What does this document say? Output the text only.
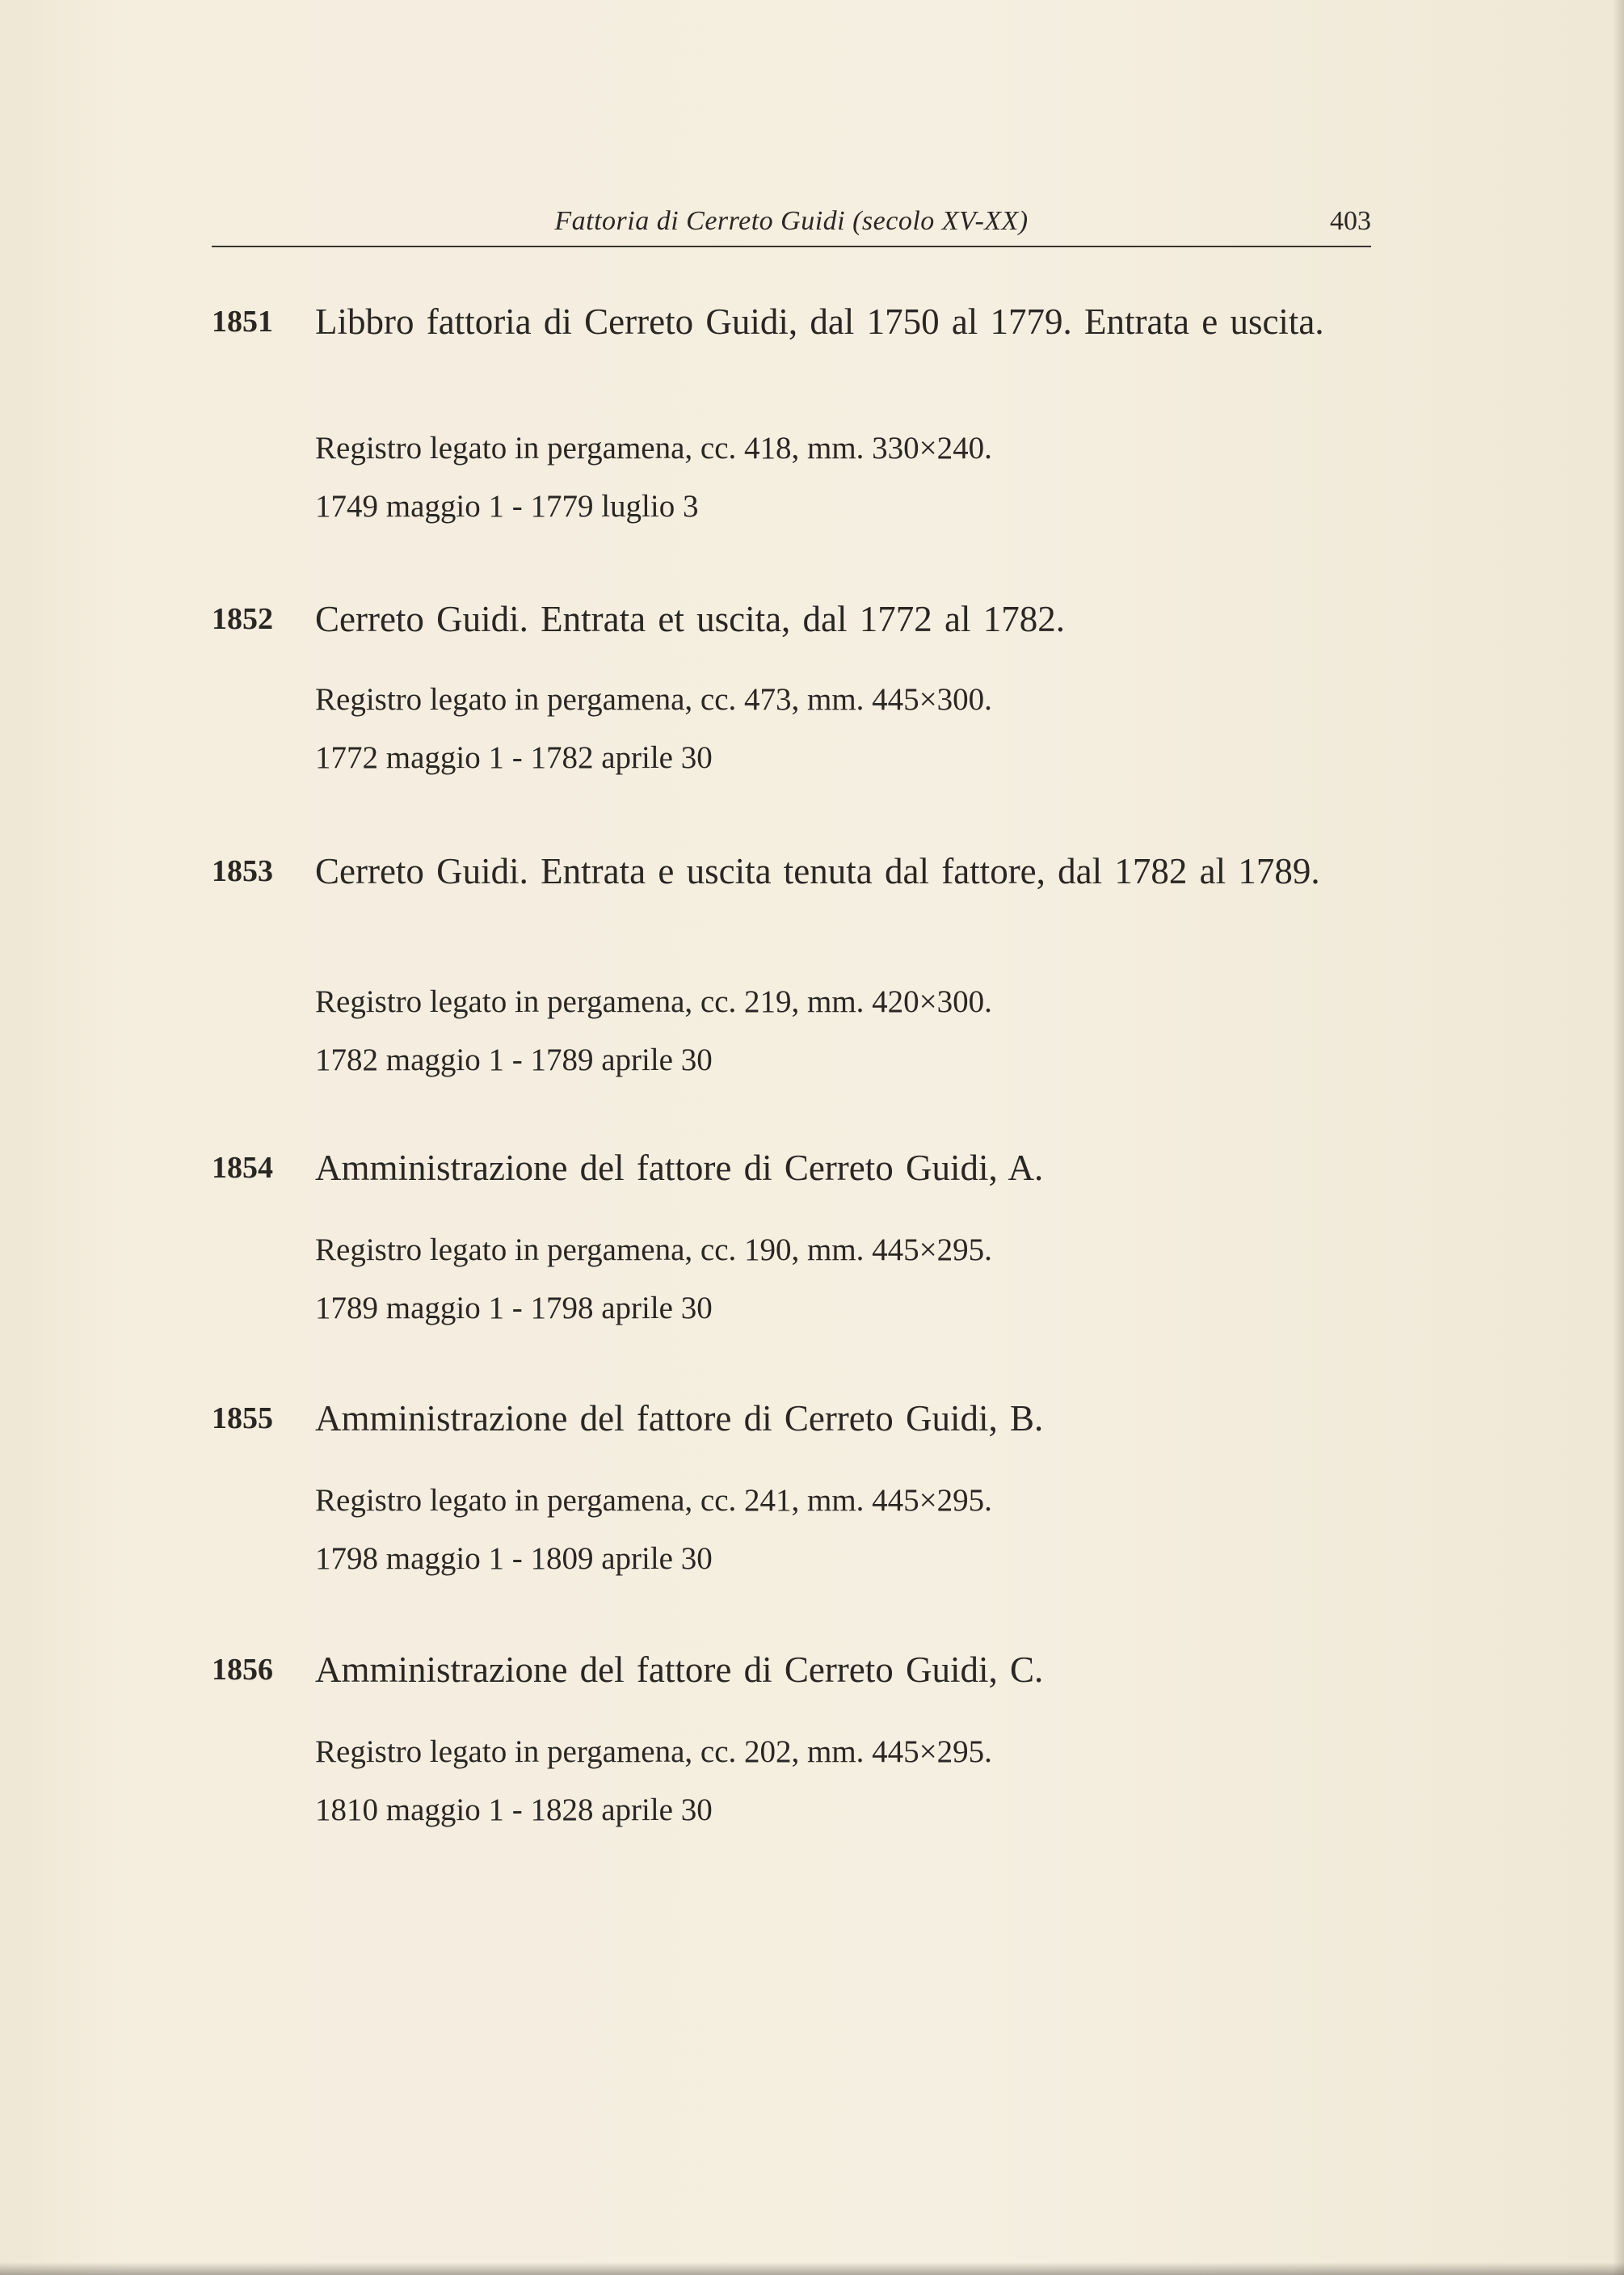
Fattoria di Cerreto Guidi (secolo XV-XX)	403
1851 Libbro fattoria di Cerreto Guidi, dal 1750 al 1779. Entrata e uscita.
Registro legato in pergamena, cc. 418, mm. 330×240.
1749 maggio 1 - 1779 luglio 3
1852 Cerreto Guidi. Entrata et uscita, dal 1772 al 1782.
Registro legato in pergamena, cc. 473, mm. 445×300.
1772 maggio 1 - 1782 aprile 30
1853 Cerreto Guidi. Entrata e uscita tenuta dal fattore, dal 1782 al 1789.
Registro legato in pergamena, cc. 219, mm. 420×300.
1782 maggio 1 - 1789 aprile 30
1854 Amministrazione del fattore di Cerreto Guidi, A.
Registro legato in pergamena, cc. 190, mm. 445×295.
1789 maggio 1 - 1798 aprile 30
1855 Amministrazione del fattore di Cerreto Guidi, B.
Registro legato in pergamena, cc. 241, mm. 445×295.
1798 maggio 1 - 1809 aprile 30
1856 Amministrazione del fattore di Cerreto Guidi, C.
Registro legato in pergamena, cc. 202, mm. 445×295.
1810 maggio 1 - 1828 aprile 30
